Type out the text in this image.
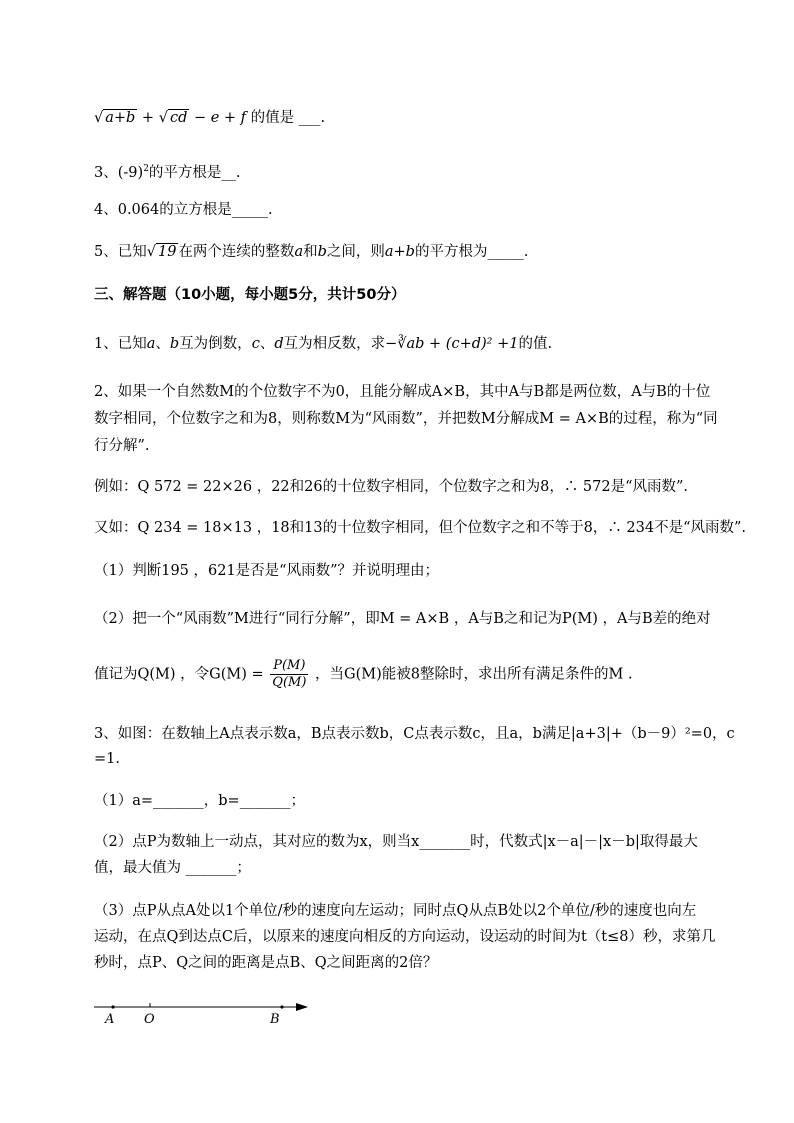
√ a+b + √ cd − e + f 的值是 ___.
3、$(-9)^2$的平方根是__.
4、0.064的立方根是_____.
5、已知√ 19 在两个连续的整数a和b之间，则a+b的平方根为_____.
三、解答题（10小题，每小题5分，共计50分）
1、已知a、b互为倒数，c、d互为相反数，求−∛ab + (c+d)² +1的值.
2、如果一个自然数M的个位数字不为0，且能分解成A×B，其中A与B都是两位数，A与B的十位
数字相同，个位数字之和为8，则称数M为“风雨数”，并把数M分解成M = A×B的过程，称为“同
行分解”.
例如：Q 572 = 22×26 ，22和26的十位数字相同，个位数字之和为8，∴ 572是“风雨数”.
又如：Q 234 = 18×13 ，18和13的十位数字相同，但个位数字之和不等于8，∴ 234不是“风雨数”.
（1）判断195 ，621是否是“风雨数”？并说明理由；
（2）把一个“风雨数”M进行“同行分解”，即M = A×B ，A与B之和记为P(M) ，A与B差的绝对
值记为Q(M) ，令$G(M) = \frac{P(M)}{Q(M)}$ ，当G(M)能被8整除时，求出所有满足条件的M .
3、如图：在数轴上A点表示数a，B点表示数b，C点表示数c，且a，b满足|a+3|+（b－9）²=0，c
=1.
（1）a=_______，b=_______；
（2）点P为数轴上一动点，其对应的数为x，则当x_______时，代数式|x－a|－|x－b|取得最大
值，最大值为 _______；
（3）点P从点A处以1个单位/秒的速度向左运动；同时点Q从点B处以2个单位/秒的速度也向左
运动，在点Q到达点C后，以原来的速度向相反的方向运动，设运动的时间为t（t≤8）秒，求第几
秒时，点P、Q之间的距离是点B、Q之间距离的2倍？
A O	B
